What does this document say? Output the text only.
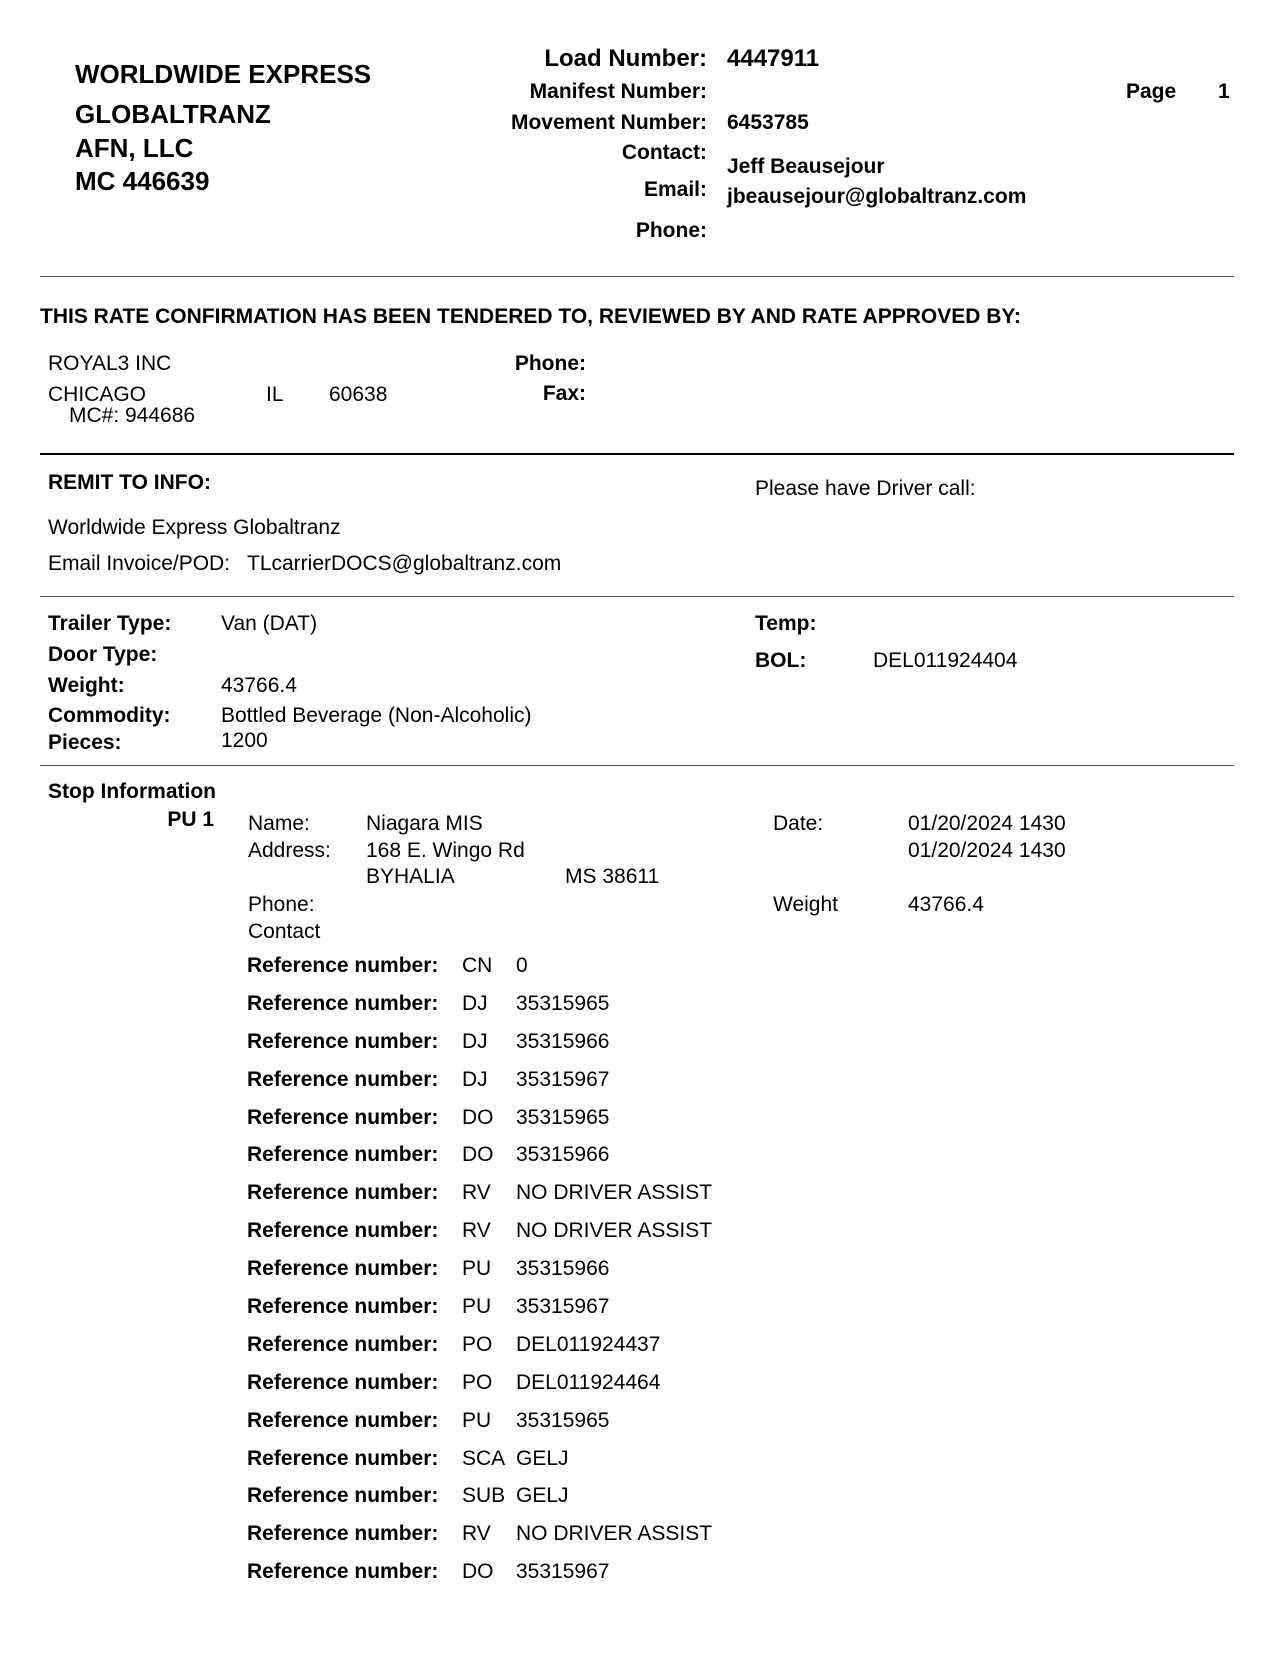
WORLDWIDE EXPRESS
GLOBALTRANZ
AFN, LLC
MC 446639
Load Number: 4447911
Manifest Number:
Movement Number: 6453785
Contact:
Jeff Beausejour
Email: jbeausejour@globaltranz.com
Phone:
Page 1
THIS RATE CONFIRMATION HAS BEEN TENDERED TO, REVIEWED BY AND RATE APPROVED BY:
ROYAL3 INC
CHICAGO	IL 60638
MC#: 944686
Phone:
Fax:
REMIT TO INFO:	Please have Driver call:
Worldwide Express Globaltranz
Email Invoice/POD: TLcarrierDOCS@globaltranz.com
Trailer Type: Van (DAT)
Door Type:
Weight:	43766.4
Commodity: Bottled Beverage (Non-Alcoholic)
Pieces:	1200
Temp:
BOL:	DEL011924404
Stop Information
PU 1 Name:	Niagara MIS
Address: 168 E. Wingo Rd
BYHALIA	MS 38611
Phone:
Contact
Date:	01/20/2024 1430
01/20/2024 1430
Weight	43766.4
Reference number: CN 0
Reference number: DJ 35315965
Reference number: DJ 35315966
Reference number: DJ 35315967
Reference number: DO 35315965
Reference number: DO 35315966
Reference number: RV NO DRIVER ASSIST
Reference number: RV NO DRIVER ASSIST
Reference number: PU 35315966
Reference number: PU 35315967
Reference number: PO DEL011924437
Reference number: PO DEL011924464
Reference number: PU 35315965
Reference number: SCA GELJ
Reference number: SUB GELJ
Reference number: RV NO DRIVER ASSIST
Reference number: DO 35315967
